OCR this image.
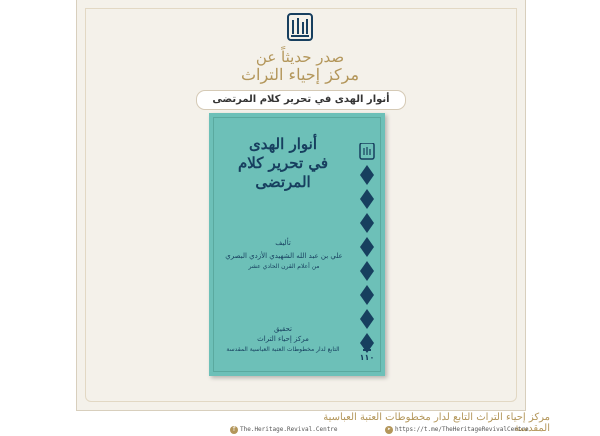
صدر حديثاً عن
مركز إحياء التراث
أنوار الهدى في تحرير كلام المرتضى
أنوار الهدى
في تحرير كلام المرتضى
تأليف
علي بن عبد الله الشهيدي الأزدي البصري
من أعلام القرن الحادي عشر
تحقيق
مركز إحياء التراث
التابع لدار مخطوطات العتبة العباسية المقدسة
١١٠
مركز إحياء التراث التابع لدار مخطوطات العتبة العباسية المقدسة
f The.Heritage.Revival.Centre	➤ https://t.me/TheHeritageRevivalCentre
